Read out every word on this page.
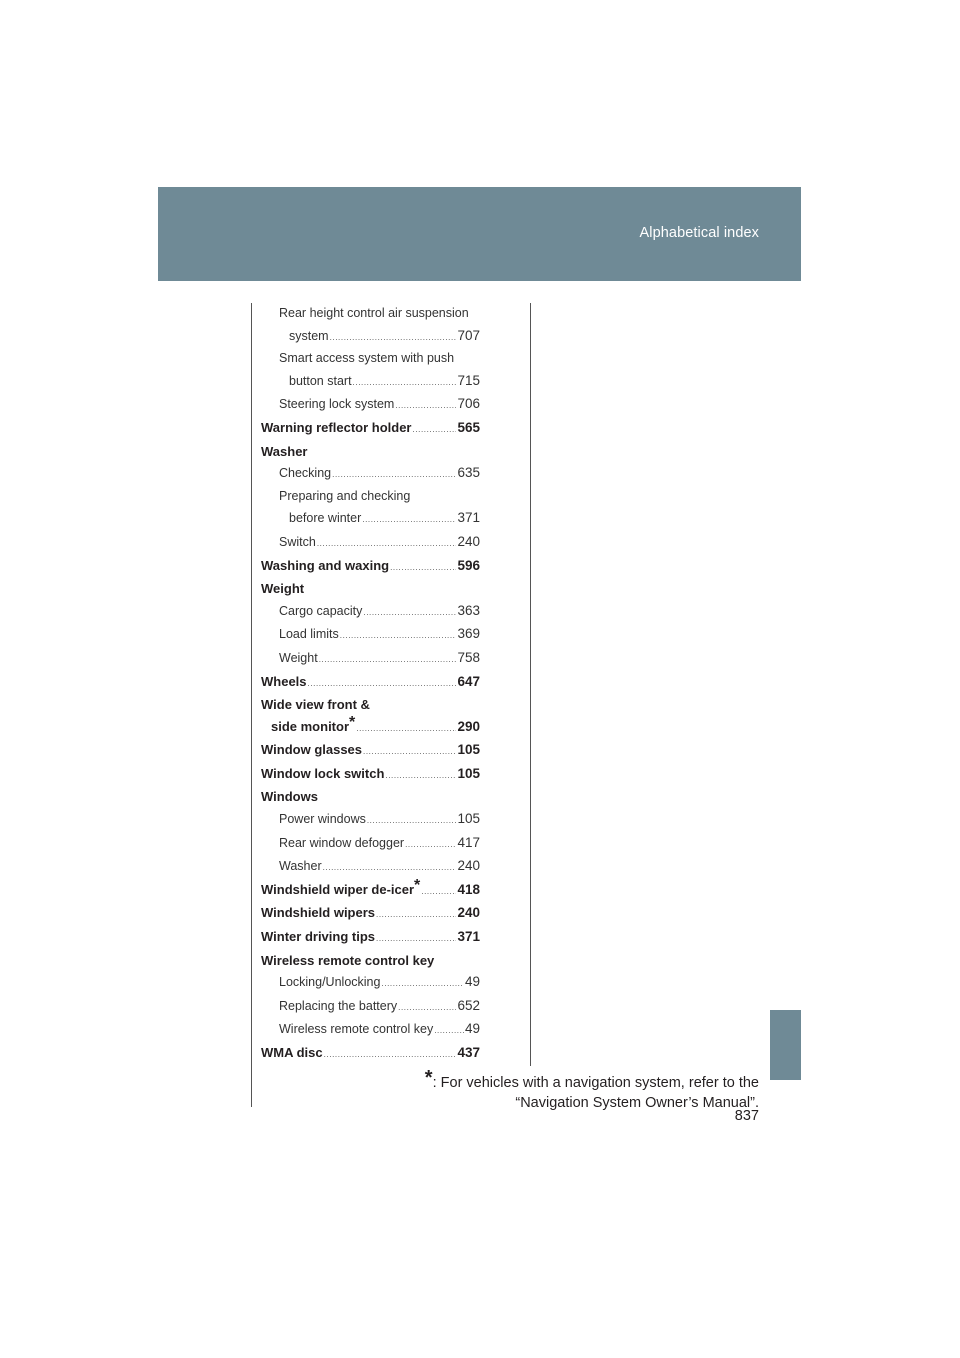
Alphabetical index
Rear height control air suspension
system .....	707
Smart access system with push
button start .....	715
Steering lock system .....	706
Warning reflector holder .....	565
Washer
Checking .....	635
Preparing and checking
before winter .....	371
Switch .....	240
Washing and waxing .....	596
Weight
Cargo capacity .....	363
Load limits .....	369
Weight .....	758
Wheels .....	647
Wide view front &
side monitor* .....	290
Window glasses .....	105
Window lock switch .....	105
Windows
Power windows .....	105
Rear window defogger .....	417
Washer .....	240
Windshield wiper de-icer* .....	418
Windshield wipers .....	240
Winter driving tips .....	371
Wireless remote control key
Locking/Unlocking .....	49
Replacing the battery .....	652
Wireless remote control key ..... 49
WMA disc .....	437
*: For vehicles with a navigation system, refer to the
“Navigation System Owner’s Manual”.
837
